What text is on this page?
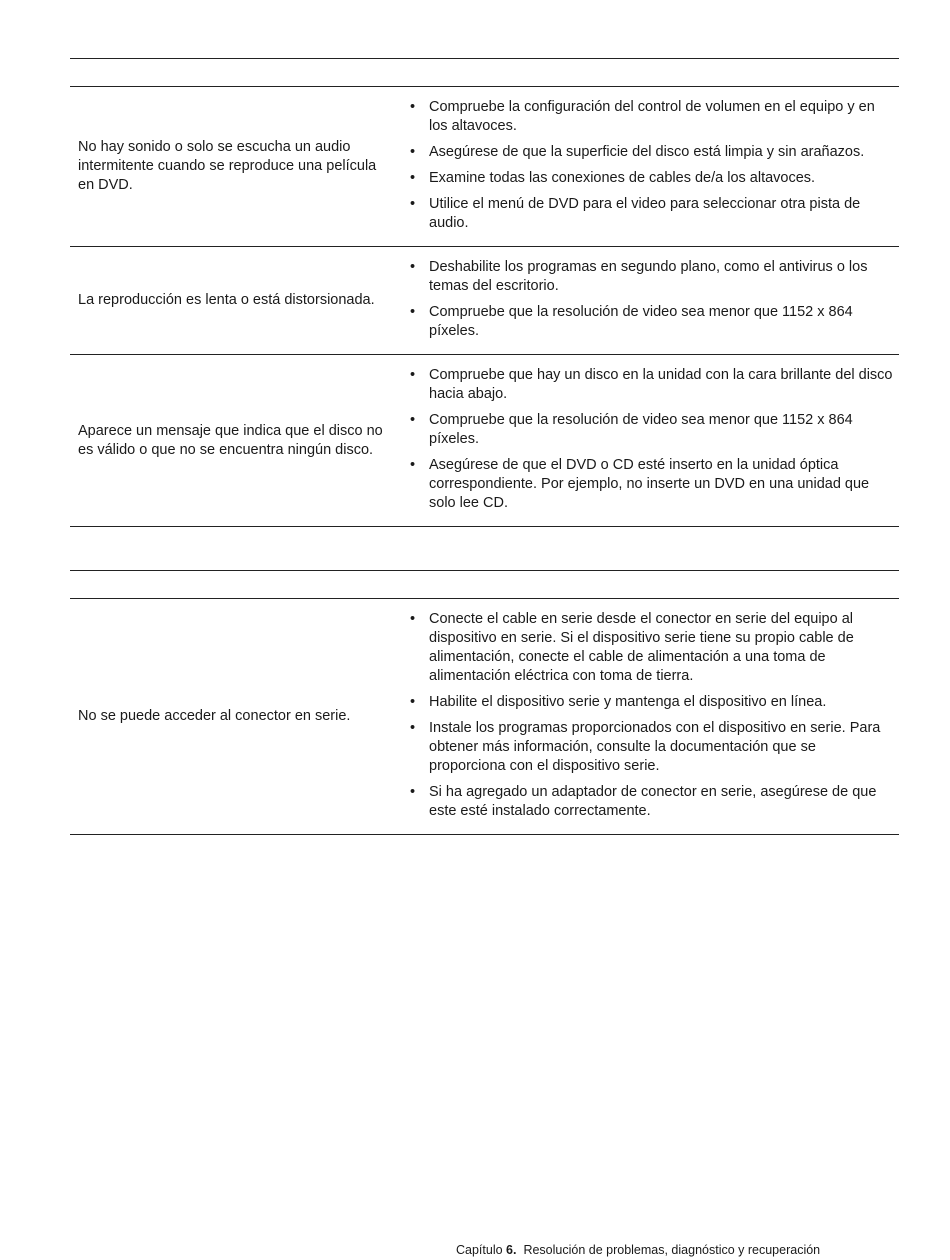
No hay sonido o solo se escucha un audio intermitente cuando se reproduce una película en DVD.
• Compruebe la configuración del control de volumen en el equipo y en los altavoces.
• Asegúrese de que la superficie del disco está limpia y sin arañazos.
• Examine todas las conexiones de cables de/a los altavoces.
• Utilice el menú de DVD para el video para seleccionar otra pista de audio.
La reproducción es lenta o está distorsionada.
• Deshabilite los programas en segundo plano, como el antivirus o los temas del escritorio.
• Compruebe que la resolución de video sea menor que 1152 x 864 píxeles.
Aparece un mensaje que indica que el disco no es válido o que no se encuentra ningún disco.
• Compruebe que hay un disco en la unidad con la cara brillante del disco hacia abajo.
• Compruebe que la resolución de video sea menor que 1152 x 864 píxeles.
• Asegúrese de que el DVD o CD esté inserto en la unidad óptica correspondiente. Por ejemplo, no inserte un DVD en una unidad que solo lee CD.
No se puede acceder al conector en serie.
• Conecte el cable en serie desde el conector en serie del equipo al dispositivo en serie. Si el dispositivo serie tiene su propio cable de alimentación, conecte el cable de alimentación a una toma de alimentación eléctrica con toma de tierra.
• Habilite el dispositivo serie y mantenga el dispositivo en línea.
• Instale los programas proporcionados con el dispositivo en serie. Para obtener más información, consulte la documentación que se proporciona con el dispositivo serie.
• Si ha agregado un adaptador de conector en serie, asegúrese de que este esté instalado correctamente.
Capítulo 6. Resolución de problemas, diagnóstico y recuperación
